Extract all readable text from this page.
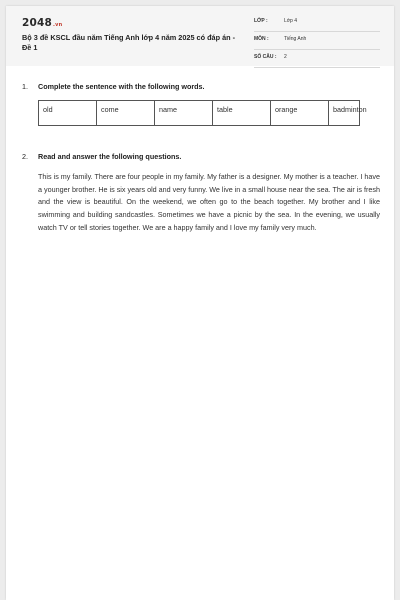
2048.vn
Bộ 3 đề KSCL đầu năm Tiếng Anh lớp 4 năm 2025 có đáp án - Đề 1
LỚP :	Lớp 4
MÔN :	Tiếng Anh
SỐ CÂU : 2
1. Complete the sentence with the following words.
old	come	name	table	orange	badminton
2. Read and answer the following questions.
This is my family. There are four people in my family. My father is a designer. My mother is a teacher. I have a younger brother. He is six years old and very funny. We live in a small house near the sea. The air is fresh and the view is beautiful. On the weekend, we often go to the beach together. My brother and I like swimming and building sandcastles. Sometimes we have a picnic by the sea. In the evening, we usually watch TV or tell stories together. We are a happy family and I love my family very much.
